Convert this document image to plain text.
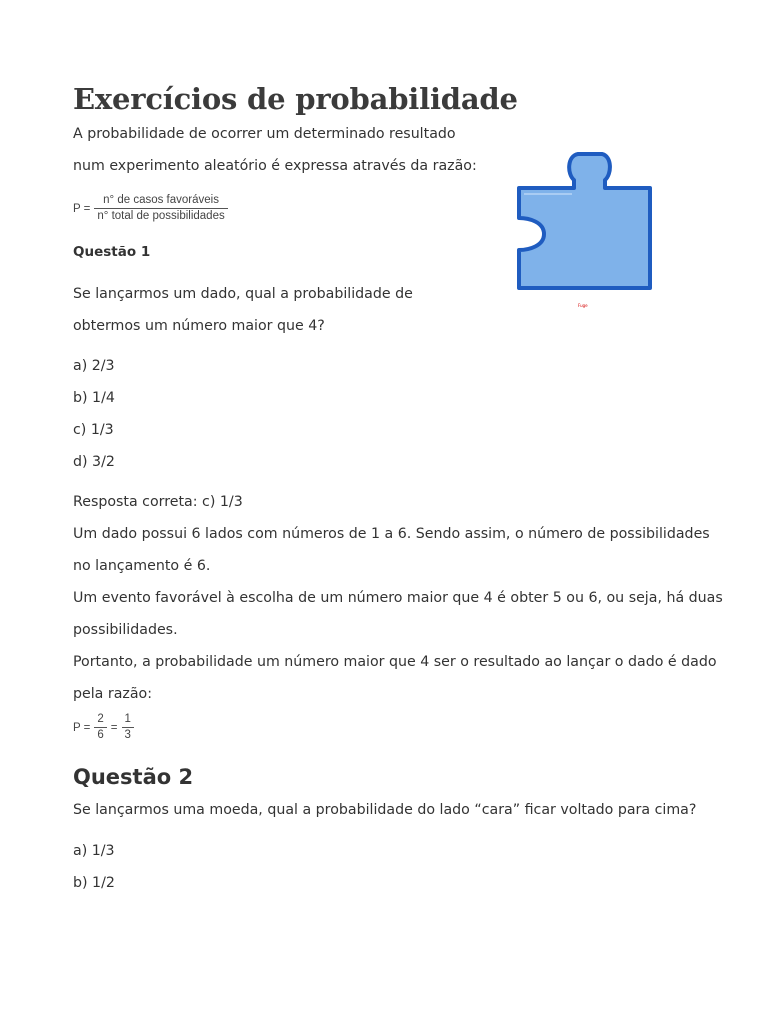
Exercícios de probabilidade
A probabilidade de ocorrer um determinado resultado
num experimento aleatório é expressa através da razão:
$P = \frac{\text{n° de casos favoráveis}}{\text{n° total de possibilidades}}$
Fuge
Questão 1
Se lançarmos um dado, qual a probabilidade de
obtermos um número maior que 4?
a) 2/3
b) 1/4
c) 1/3
d) 3/2
Resposta correta: c) 1/3
Um dado possui 6 lados com números de 1 a 6. Sendo assim, o número de possibilidades
no lançamento é 6.
Um evento favorável à escolha de um número maior que 4 é obter 5 ou 6, ou seja, há duas
possibilidades.
Portanto, a probabilidade um número maior que 4 ser o resultado ao lançar o dado é dado
pela razão:
$P = \frac{2}{6} = \frac{1}{3}$
Questão 2
Se lançarmos uma moeda, qual a probabilidade do lado “cara” ficar voltado para cima?
a) 1/3
b) 1/2
